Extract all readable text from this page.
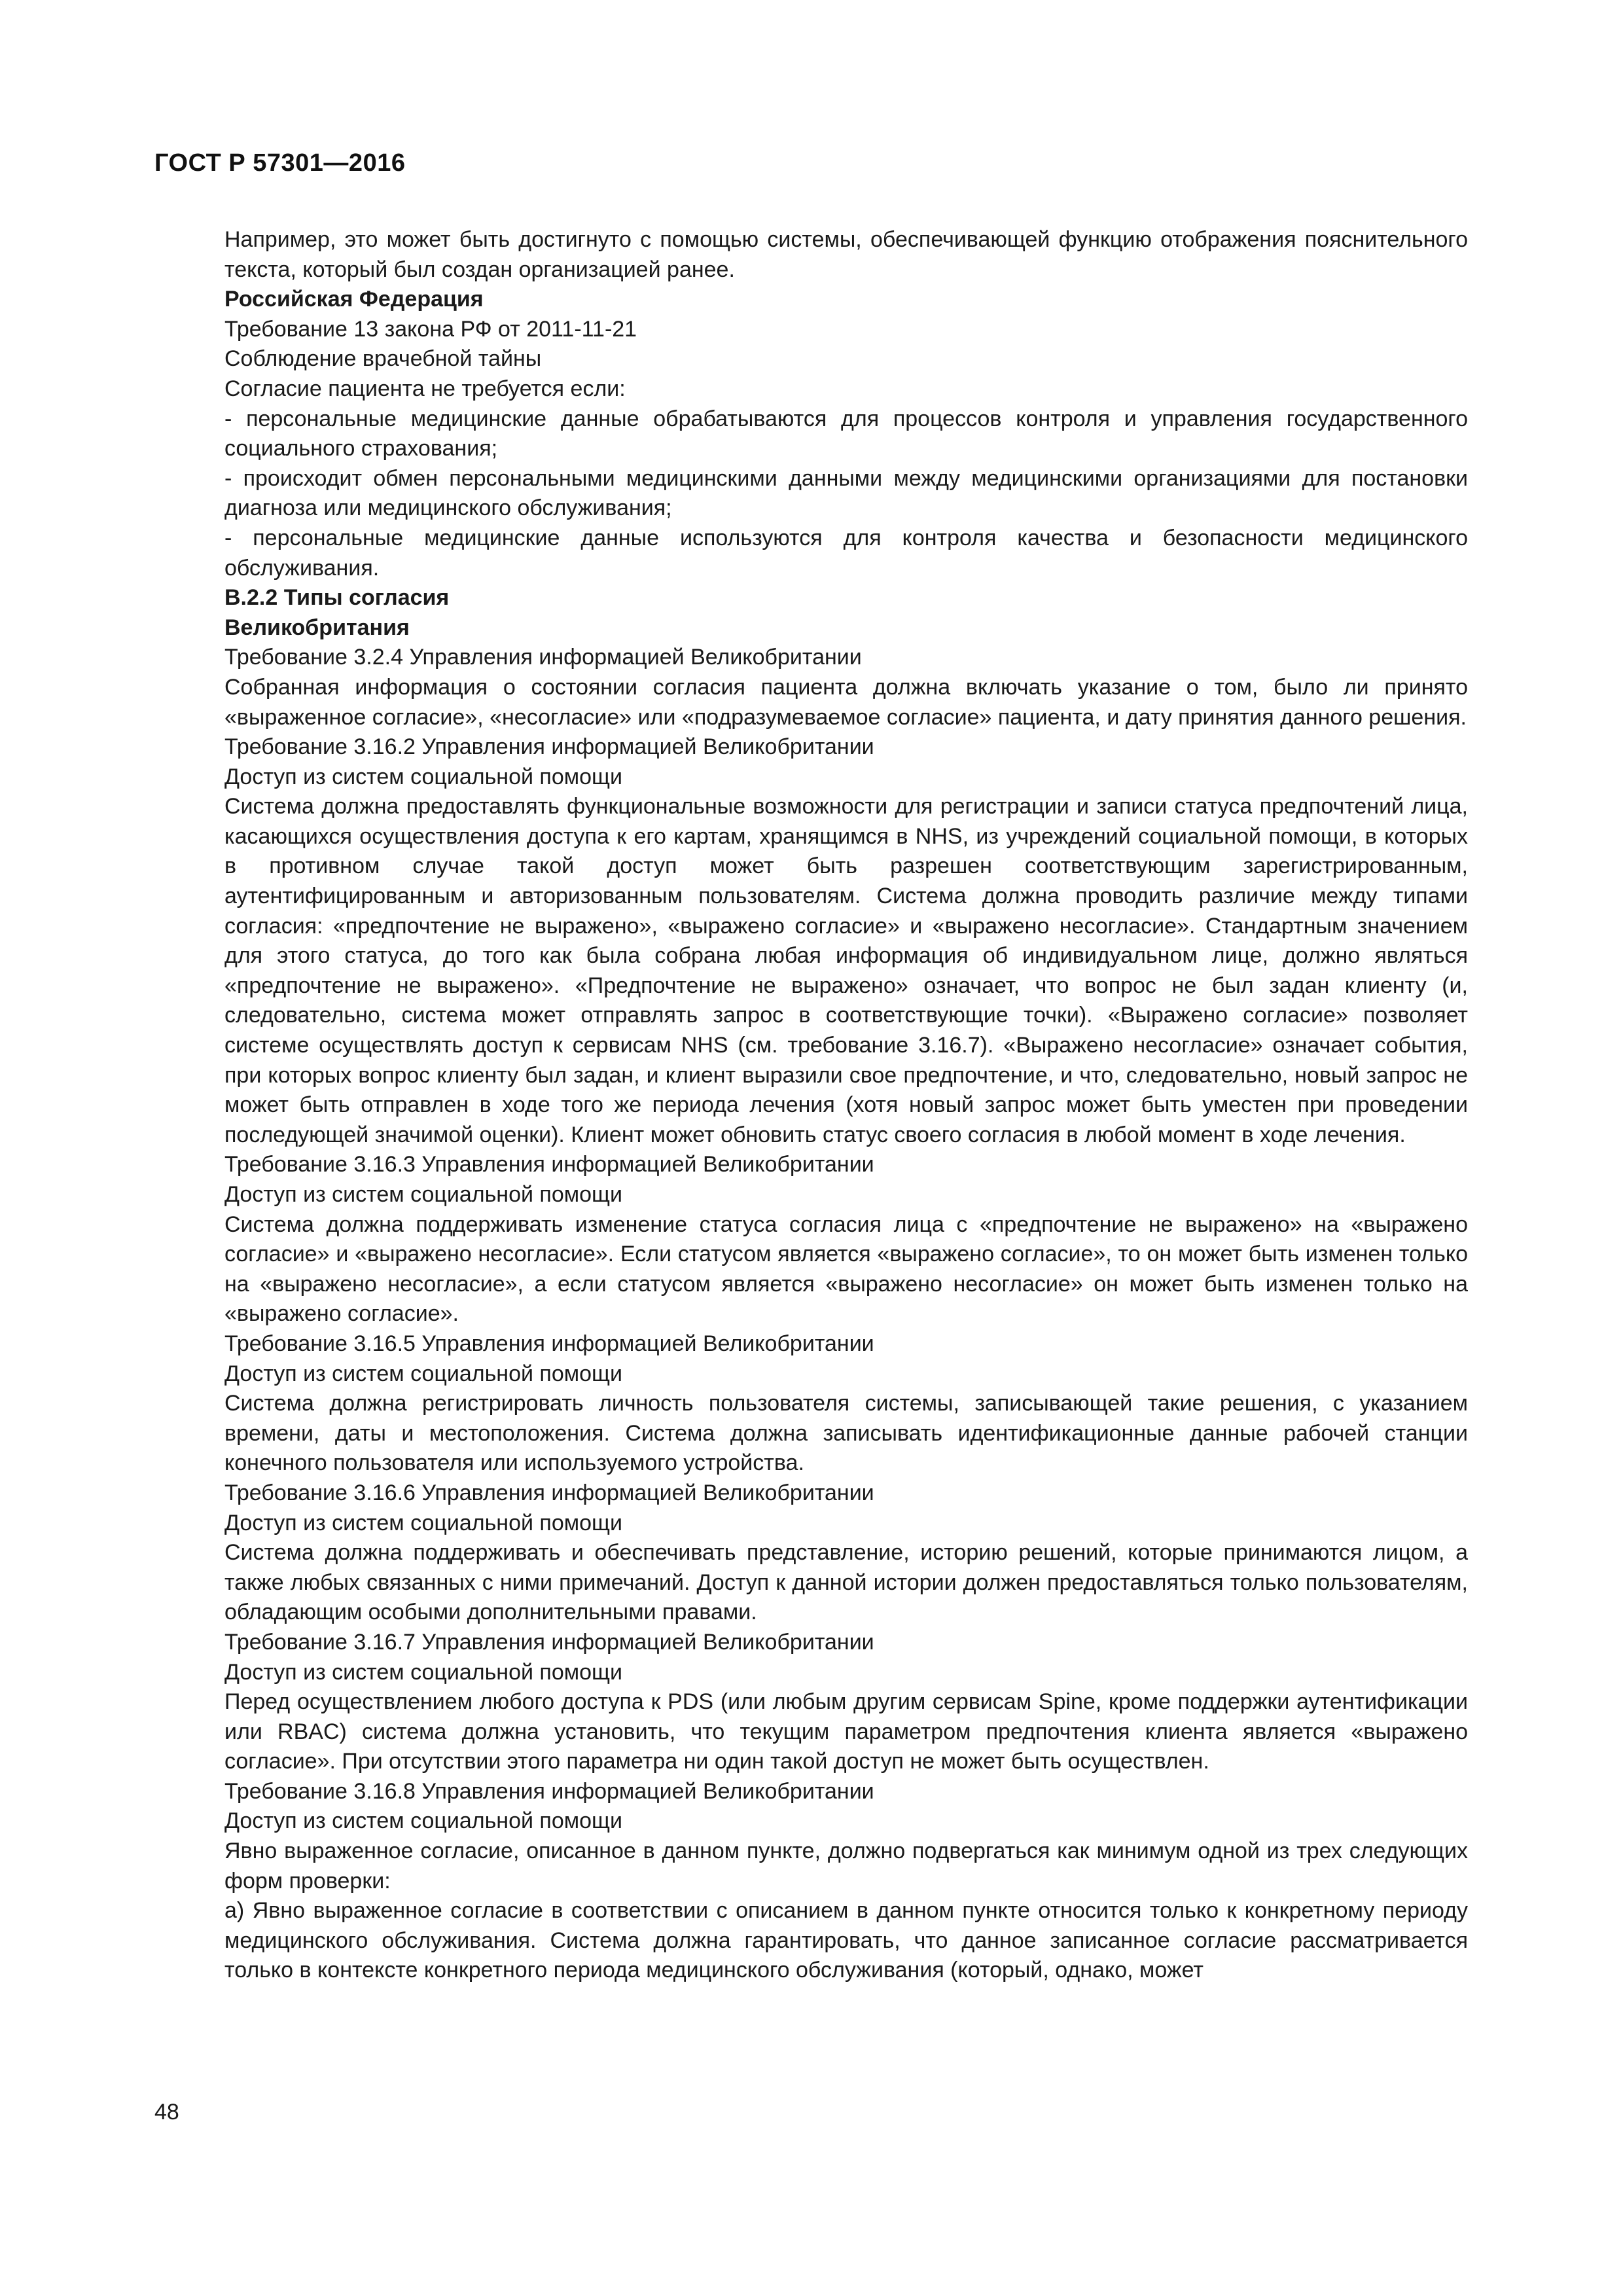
ГОСТ Р 57301—2016

Например, это может быть достигнуто с помощью системы, обеспечивающей функцию отображения пояснительного текста, который был создан организацией ранее.

Российская Федерация

Требование 13 закона РФ от 2011-11-21

Соблюдение врачебной тайны

Согласие пациента не требуется если:

- персональные медицинские данные обрабатываются для процессов контроля и управления государственного социального страхования;

- происходит обмен персональными медицинскими данными между медицинскими организациями для постановки диагноза или медицинского обслуживания;

- персональные медицинские данные используются для контроля качества и безопасности медицинского обслуживания.

B.2.2 Типы согласия

Великобритания

Требование 3.2.4 Управления информацией Великобритании

Собранная информация о состоянии согласия пациента должна включать указание о том, было ли принято «выраженное согласие», «несогласие» или «подразумеваемое согласие» пациента, и дату принятия данного решения.

Требование 3.16.2 Управления информацией Великобритании

Доступ из систем социальной помощи

Система должна предоставлять функциональные возможности для регистрации и записи статуса предпочтений лица, касающихся осуществления доступа к его картам, хранящимся в NHS, из учреждений социальной помощи, в которых в противном случае такой доступ может быть разрешен соответствующим зарегистрированным, аутентифицированным и авторизованным пользователям. Система должна проводить различие между типами согласия: «предпочтение не выражено», «выражено согласие» и «выражено несогласие». Стандартным значением для этого статуса, до того как была собрана любая информация об индивидуальном лице, должно являться «предпочтение не выражено». «Предпочтение не выражено» означает, что вопрос не был задан клиенту (и, следовательно, система может отправлять запрос в соответствующие точки). «Выражено согласие» позволяет системе осуществлять доступ к сервисам NHS (см. требование 3.16.7). «Выражено несогласие» означает события, при которых вопрос клиенту был задан, и клиент выразили свое предпочтение, и что, следовательно, новый запрос не может быть отправлен в ходе того же периода лечения (хотя новый запрос может быть уместен при проведении последующей значимой оценки). Клиент может обновить статус своего согласия в любой момент в ходе лечения.

Требование 3.16.3 Управления информацией Великобритании

Доступ из систем социальной помощи

Система должна поддерживать изменение статуса согласия лица с «предпочтение не выражено» на «выражено согласие» и «выражено несогласие». Если статусом является «выражено согласие», то он может быть изменен только на «выражено несогласие», а если статусом является «выражено несогласие» он может быть изменен только на «выражено согласие».

Требование 3.16.5 Управления информацией Великобритании

Доступ из систем социальной помощи

Система должна регистрировать личность пользователя системы, записывающей такие решения, с указанием времени, даты и местоположения. Система должна записывать идентификационные данные рабочей станции конечного пользователя или используемого устройства.

Требование 3.16.6 Управления информацией Великобритании

Доступ из систем социальной помощи

Система должна поддерживать и обеспечивать представление, историю решений, которые принимаются лицом, а также любых связанных с ними примечаний. Доступ к данной истории должен предоставляться только пользователям, обладающим особыми дополнительными правами.

Требование 3.16.7 Управления информацией Великобритании

Доступ из систем социальной помощи

Перед осуществлением любого доступа к PDS (или любым другим сервисам Spine, кроме поддержки аутентификации или RBAC) система должна установить, что текущим параметром предпочтения клиента является «выражено согласие». При отсутствии этого параметра ни один такой доступ не может быть осуществлен.

Требование 3.16.8 Управления информацией Великобритании

Доступ из систем социальной помощи

Явно выраженное согласие, описанное в данном пункте, должно подвергаться как минимум одной из трех следующих форм проверки:

а) Явно выраженное согласие в соответствии с описанием в данном пункте относится только к конкретному периоду медицинского обслуживания. Система должна гарантировать, что данное записанное согласие рассматривается только в контексте конкретного периода медицинского обслуживания (который, однако, может

48
